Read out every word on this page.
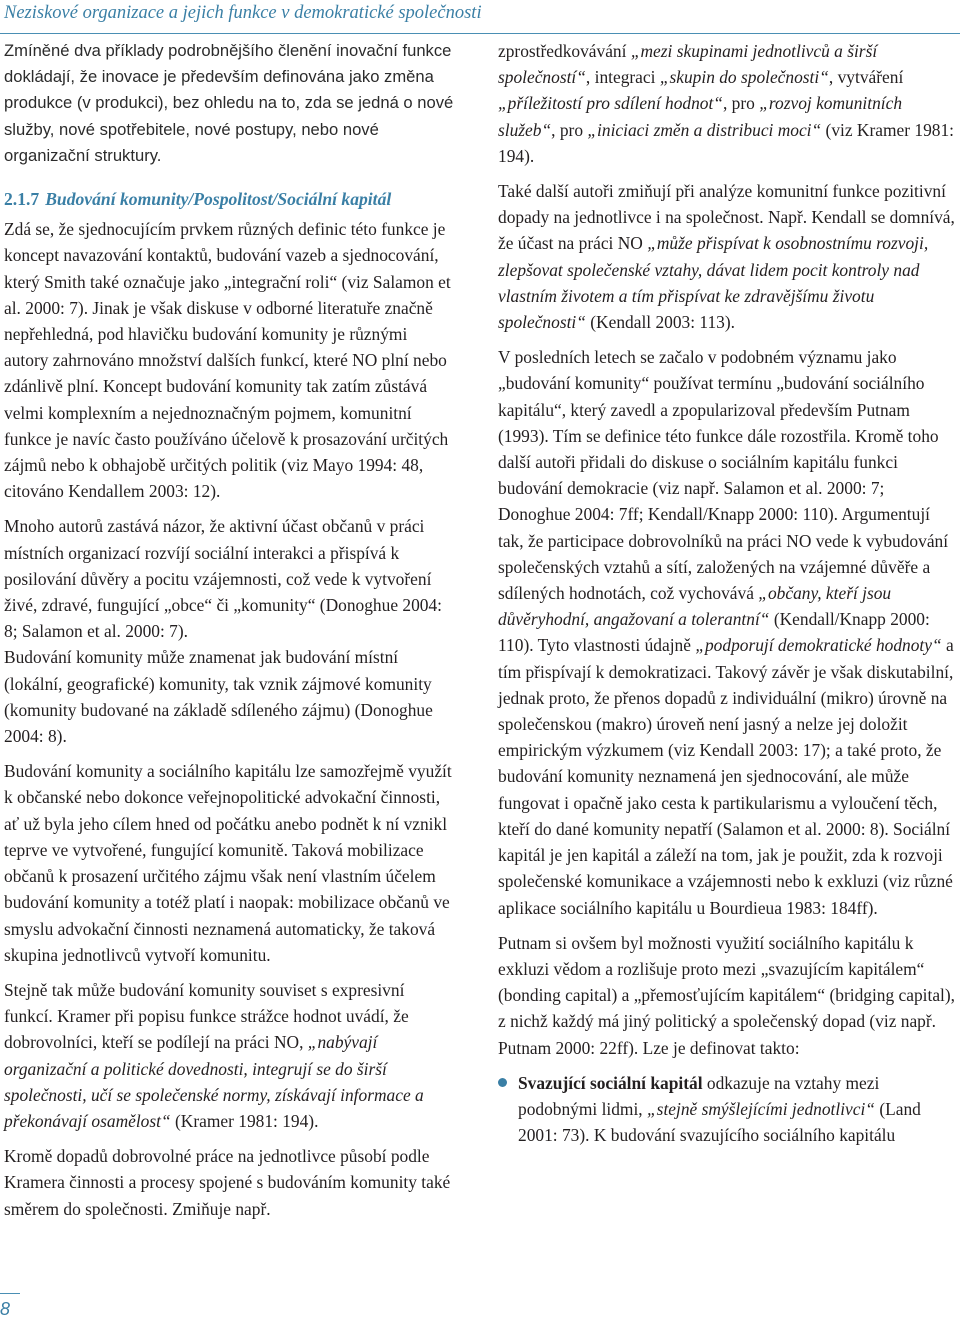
Neziskové organizace a jejich funkce v demokratické společnosti

Zmíněné dva příklady podrobnějšího členění inovační funkce dokládají, že inovace je především definována jako změna produkce (v produkci), bez ohledu na to, zda se jedná o nové služby, nové spotřebitele, nové postupy, nebo nové organizační struktury.

2.1.7 Budování komunity/Pospolitost/Sociální kapitál

Zdá se, že sjednocujícím prvkem různých definic této funkce je koncept navazování kontaktů, budování vazeb a sjednocování, který Smith také označuje jako „integrační roli“ (viz Salamon et al. 2000: 7). Jinak je však diskuse v odborné literatuře značně nepřehledná, pod hlavičku budování komunity je různými autory zahrnováno množství dalších funkcí, které NO plní nebo zdánlivě plní. Koncept budování komunity tak zatím zůstává velmi komplexním a nejednoznačným pojmem, komunitní funkce je navíc často používáno účelově k prosazování určitých zájmů nebo k obhajobě určitých politik (viz Mayo 1994: 48, citováno Kendallem 2003: 12).

Mnoho autorů zastává názor, že aktivní účast občanů v práci místních organizací rozvíjí sociální interakci a přispívá k posilování důvěry a pocitu vzájemnosti, což vede k vytvoření živé, zdravé, fungující „obce“ či „komunity“ (Donoghue 2004: 8; Salamon et al. 2000: 7).

Budování komunity může znamenat jak budování místní (lokální, geografické) komunity, tak vznik zájmové komunity (komunity budované na základě sdíleného zájmu) (Donoghue 2004: 8).

Budování komunity a sociálního kapitálu lze samozřejmě využít k občanské nebo dokonce veřejnopolitické advokační činnosti, ať už byla jeho cílem hned od počátku anebo podnět k ní vznikl teprve ve vytvořené, fungující komunitě. Taková mobilizace občanů k prosazení určitého zájmu však není vlastním účelem budování komunity a totéž platí i naopak: mobilizace občanů ve smyslu advokační činnosti neznamená automaticky, že taková skupina jednotlivců vytvoří komunitu.

Stejně tak může budování komunity souviset s expresivní funkcí. Kramer při popisu funkce strážce hodnot uvádí, že dobrovolníci, kteří se podílejí na práci NO, „nabývají organizační a politické dovednosti, integrují se do širší společnosti, učí se společenské normy, získávají informace a překonávají osamělost“ (Kramer 1981: 194).

Kromě dopadů dobrovolné práce na jednotlivce působí podle Kramera činnosti a procesy spojené s budováním komunity také směrem do společnosti. Zmiňuje např.

zprostředkovávání „mezi skupinami jednotlivců a širší společností“, integraci „skupin do společnosti“, vytváření „příležitostí pro sdílení hodnot“, pro „rozvoj komunitních služeb“, pro „iniciaci změn a distribuci moci“ (viz Kramer 1981: 194).

Také další autoři zmiňují při analýze komunitní funkce pozitivní dopady na jednotlivce i na společnost. Např. Kendall se domnívá, že účast na práci NO „může přispívat k osobnostnímu rozvoji, zlepšovat společenské vztahy, dávat lidem pocit kontroly nad vlastním životem a tím přispívat ke zdravějšímu životu společnosti“ (Kendall 2003: 113).

V posledních letech se začalo v podobném významu jako „budování komunity“ používat termínu „budování sociálního kapitálu“, který zavedl a zpopularizoval především Putnam (1993). Tím se definice této funkce dále rozostřila. Kromě toho další autoři přidali do diskuse o sociálním kapitálu funkci budování demokracie (viz např. Salamon et al. 2000: 7; Donoghue 2004: 7ff; Kendall/Knapp 2000: 110). Argumentují tak, že participace dobrovolníků na práci NO vede k vybudování společenských vztahů a sítí, založených na vzájemné důvěře a sdílených hodnotách, což vychovává „občany, kteří jsou důvěryhodní, angažovaní a tolerantní“ (Kendall/Knapp 2000: 110). Tyto vlastnosti údajně „podporují demokratické hodnoty“ a tím přispívají k demokratizaci. Takový závěr je však diskutabilní, jednak proto, že přenos dopadů z individuální (mikro) úrovně na společenskou (makro) úroveň není jasný a nelze jej doložit empirickým výzkumem (viz Kendall 2003: 17); a také proto, že budování komunity neznamená jen sjednocování, ale může fungovat i opačně jako cesta k partikularismu a vyloučení těch, kteří do dané komunity nepatří (Salamon et al. 2000: 8). Sociální kapitál je jen kapitál a záleží na tom, jak je použit, zda k rozvoji společenské komunikace a vzájemnosti nebo k exkluzi (viz různé aplikace sociálního kapitálu u Bourdieua 1983: 184ff).

Putnam si ovšem byl možnosti využití sociálního kapitálu k exkluzi vědom a rozlišuje proto mezi „svazujícím kapitálem“ (bonding capital) a „přemosťujícím kapitálem“ (bridging capital), z nichž každý má jiný politický a společenský dopad (viz např. Putnam 2000: 22ff). Lze je definovat takto:

Svazující sociální kapitál odkazuje na vztahy mezi podobnými lidmi, „stejně smýšlejícími jednotlivci“ (Land 2001: 73). K budování svazujícího sociálního kapitálu

8
